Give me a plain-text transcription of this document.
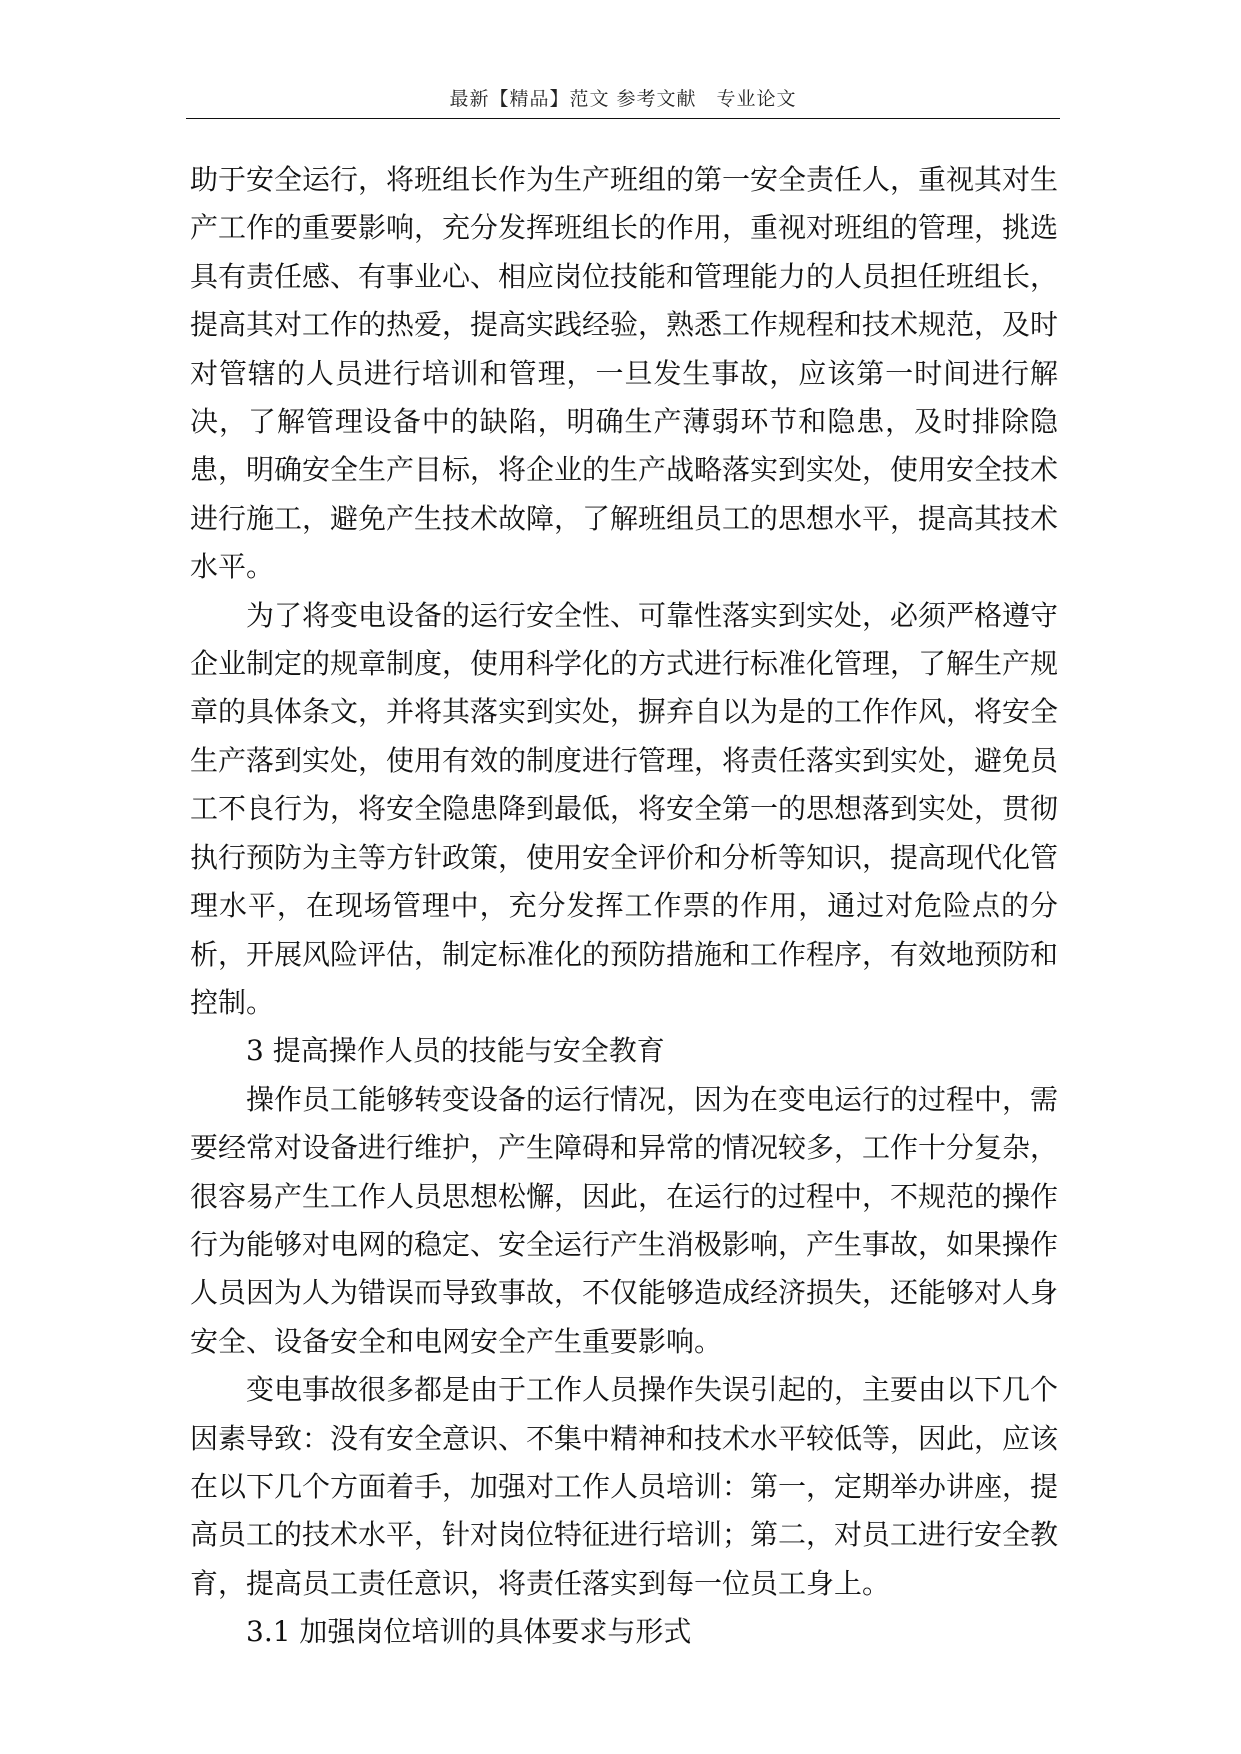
最新【精品】范文 参考文献　专业论文

助于安全运行，将班组长作为生产班组的第一安全责任人，重视其对生产工作的重要影响，充分发挥班组长的作用，重视对班组的管理，挑选具有责任感、有事业心、相应岗位技能和管理能力的人员担任班组长，提高其对工作的热爱，提高实践经验，熟悉工作规程和技术规范，及时对管辖的人员进行培训和管理，一旦发生事故，应该第一时间进行解决，了解管理设备中的缺陷，明确生产薄弱环节和隐患，及时排除隐患，明确安全生产目标，将企业的生产战略落实到实处，使用安全技术进行施工，避免产生技术故障，了解班组员工的思想水平，提高其技术水平。

为了将变电设备的运行安全性、可靠性落实到实处，必须严格遵守企业制定的规章制度，使用科学化的方式进行标准化管理，了解生产规章的具体条文，并将其落实到实处，摒弃自以为是的工作作风，将安全生产落到实处，使用有效的制度进行管理，将责任落实到实处，避免员工不良行为，将安全隐患降到最低，将安全第一的思想落到实处，贯彻执行预防为主等方针政策，使用安全评价和分析等知识，提高现代化管理水平，在现场管理中，充分发挥工作票的作用，通过对危险点的分析，开展风险评估，制定标准化的预防措施和工作程序，有效地预防和控制。

3 提高操作人员的技能与安全教育

操作员工能够转变设备的运行情况，因为在变电运行的过程中，需要经常对设备进行维护，产生障碍和异常的情况较多，工作十分复杂，很容易产生工作人员思想松懈，因此，在运行的过程中，不规范的操作行为能够对电网的稳定、安全运行产生消极影响，产生事故，如果操作人员因为人为错误而导致事故，不仅能够造成经济损失，还能够对人身安全、设备安全和电网安全产生重要影响。

变电事故很多都是由于工作人员操作失误引起的，主要由以下几个因素导致：没有安全意识、不集中精神和技术水平较低等，因此，应该在以下几个方面着手，加强对工作人员培训：第一，定期举办讲座，提高员工的技术水平，针对岗位特征进行培训；第二，对员工进行安全教育，提高员工责任意识，将责任落实到每一位员工身上。

3.1 加强岗位培训的具体要求与形式
